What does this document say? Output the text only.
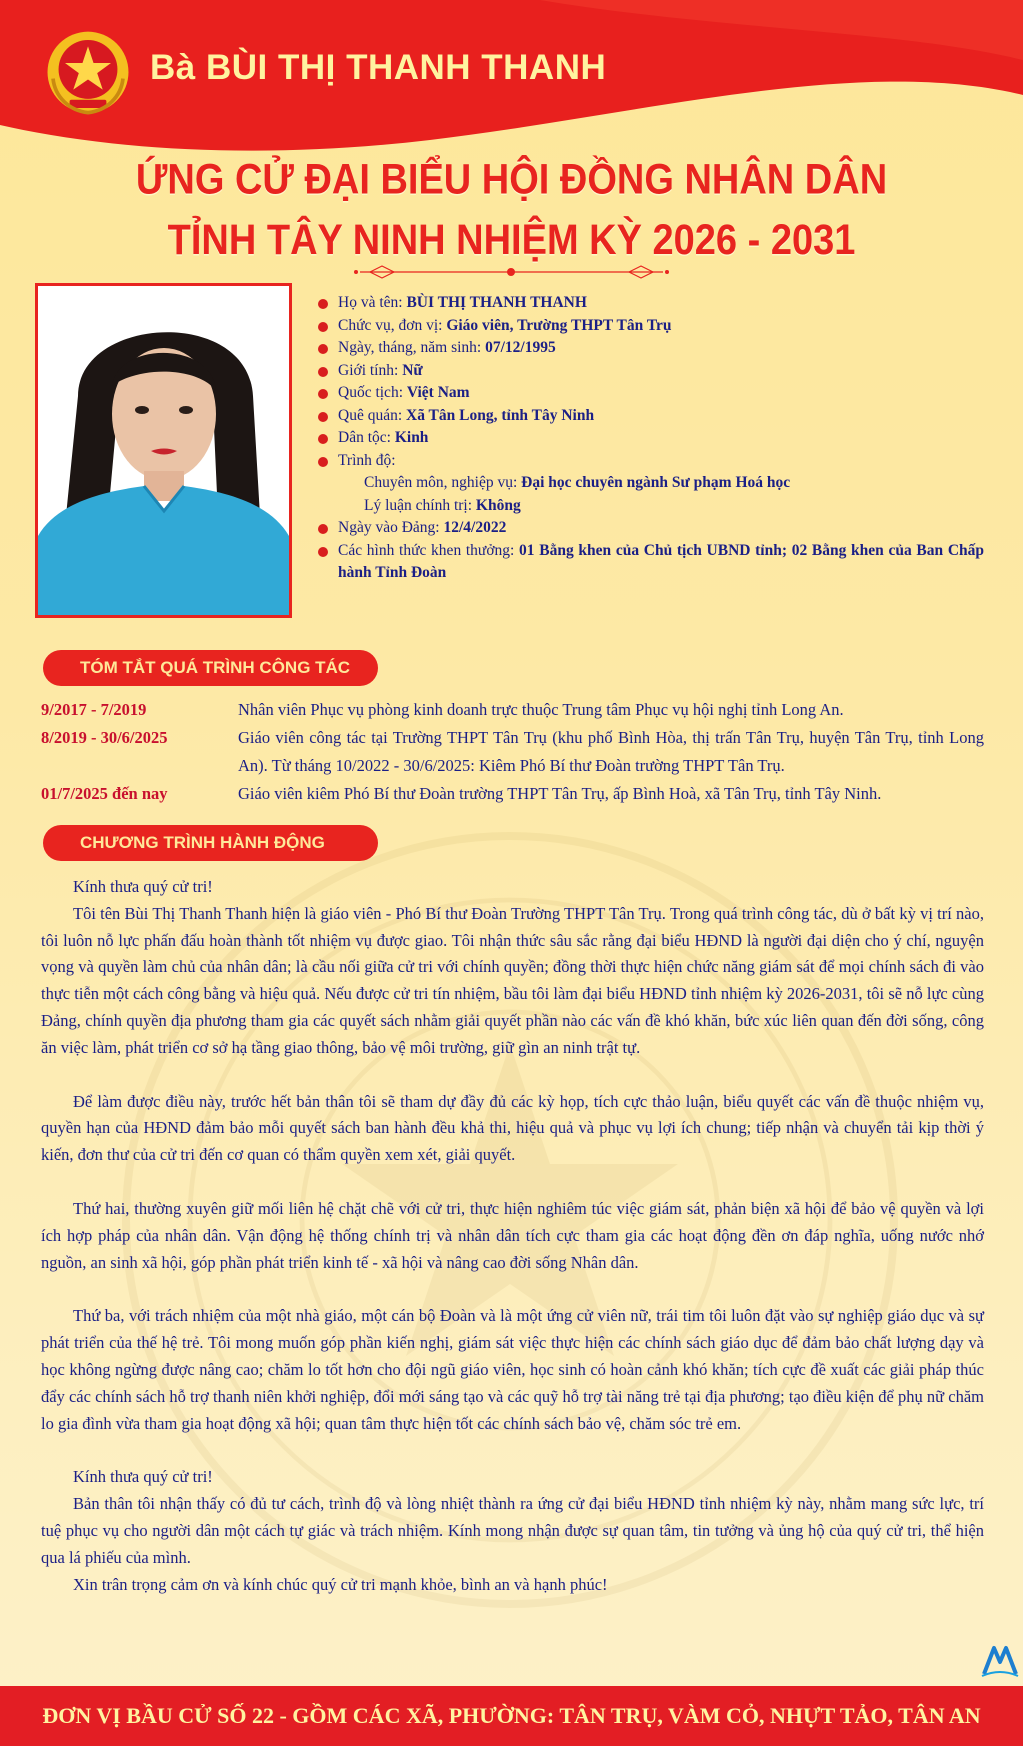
Bà BÙI THỊ THANH THANH
ỨNG CỬ ĐẠI BIỂU HỘI ĐỒNG NHÂN DÂN
TỈNH TÂY NINH NHIỆM KỲ 2026 - 2031
Họ và tên: BÙI THỊ THANH THANH
Chức vụ, đơn vị: Giáo viên, Trường THPT Tân Trụ
Ngày, tháng, năm sinh: 07/12/1995
Giới tính: Nữ
Quốc tịch: Việt Nam
Quê quán: Xã Tân Long, tỉnh Tây Ninh
Dân tộc: Kinh
Trình độ:
Chuyên môn, nghiệp vụ: Đại học chuyên ngành Sư phạm Hoá học
Lý luận chính trị: Không
Ngày vào Đảng: 12/4/2022
Các hình thức khen thưởng: 01 Bằng khen của Chủ tịch UBND tỉnh; 02 Bằng khen của Ban Chấp hành Tỉnh Đoàn
TÓM TẮT QUÁ TRÌNH CÔNG TÁC
9/2017 - 7/2019	Nhân viên Phục vụ phòng kinh doanh trực thuộc Trung tâm Phục vụ hội nghị tỉnh Long An.
8/2019 - 30/6/2025	Giáo viên công tác tại Trường THPT Tân Trụ (khu phố Bình Hòa, thị trấn Tân Trụ, huyện Tân Trụ, tỉnh Long An). Từ tháng 10/2022 - 30/6/2025: Kiêm Phó Bí thư Đoàn trường THPT Tân Trụ.
01/7/2025 đến nay	Giáo viên kiêm Phó Bí thư Đoàn trường THPT Tân Trụ, ấp Bình Hoà, xã Tân Trụ, tỉnh Tây Ninh.
CHƯƠNG TRÌNH HÀNH ĐỘNG

Kính thưa quý cử tri!

Tôi tên Bùi Thị Thanh Thanh hiện là giáo viên - Phó Bí thư Đoàn Trường THPT Tân Trụ. Trong quá trình công tác, dù ở bất kỳ vị trí nào, tôi luôn nỗ lực phấn đấu hoàn thành tốt nhiệm vụ được giao. Tôi nhận thức sâu sắc rằng đại biểu HĐND là người đại diện cho ý chí, nguyện vọng và quyền làm chủ của nhân dân; là cầu nối giữa cử tri với chính quyền; đồng thời thực hiện chức năng giám sát để mọi chính sách đi vào thực tiễn một cách công bằng và hiệu quả. Nếu được cử tri tín nhiệm, bầu tôi làm đại biểu HĐND tỉnh nhiệm kỳ 2026-2031, tôi sẽ nỗ lực cùng Đảng, chính quyền địa phương tham gia các quyết sách nhằm giải quyết phần nào các vấn đề khó khăn, bức xúc liên quan đến đời sống, công ăn việc làm, phát triển cơ sở hạ tầng giao thông, bảo vệ môi trường, giữ gìn an ninh trật tự.

Để làm được điều này, trước hết bản thân tôi sẽ tham dự đầy đủ các kỳ họp, tích cực thảo luận, biểu quyết các vấn đề thuộc nhiệm vụ, quyền hạn của HĐND đảm bảo mỗi quyết sách ban hành đều khả thi, hiệu quả và phục vụ lợi ích chung; tiếp nhận và chuyển tải kịp thời ý kiến, đơn thư của cử tri đến cơ quan có thẩm quyền xem xét, giải quyết.

Thứ hai, thường xuyên giữ mối liên hệ chặt chẽ với cử tri, thực hiện nghiêm túc việc giám sát, phản biện xã hội để bảo vệ quyền và lợi ích hợp pháp của nhân dân. Vận động hệ thống chính trị và nhân dân tích cực tham gia các hoạt động đền ơn đáp nghĩa, uống nước nhớ nguồn, an sinh xã hội, góp phần phát triển kinh tế - xã hội và nâng cao đời sống Nhân dân.

Thứ ba, với trách nhiệm của một nhà giáo, một cán bộ Đoàn và là một ứng cử viên nữ, trái tim tôi luôn đặt vào sự nghiệp giáo dục và sự phát triển của thế hệ trẻ. Tôi mong muốn góp phần kiến nghị, giám sát việc thực hiện các chính sách giáo dục để đảm bảo chất lượng dạy và học không ngừng được nâng cao; chăm lo tốt hơn cho đội ngũ giáo viên, học sinh có hoàn cảnh khó khăn; tích cực đề xuất các giải pháp thúc đẩy các chính sách hỗ trợ thanh niên khởi nghiệp, đổi mới sáng tạo và các quỹ hỗ trợ tài năng trẻ tại địa phương; tạo điều kiện để phụ nữ chăm lo gia đình vừa tham gia hoạt động xã hội; quan tâm thực hiện tốt các chính sách bảo vệ, chăm sóc trẻ em.

Kính thưa quý cử tri!

Bản thân tôi nhận thấy có đủ tư cách, trình độ và lòng nhiệt thành ra ứng cử đại biểu HĐND tỉnh nhiệm kỳ này, nhằm mang sức lực, trí tuệ phục vụ cho người dân một cách tự giác và trách nhiệm. Kính mong nhận được sự quan tâm, tin tưởng và ủng hộ của quý cử tri, thể hiện qua lá phiếu của mình.

Xin trân trọng cảm ơn và kính chúc quý cử tri mạnh khỏe, bình an và hạnh phúc!

ĐƠN VỊ BẦU CỬ SỐ 22 - GỒM CÁC XÃ, PHƯỜNG: TÂN TRỤ, VÀM CỎ, NHỰT TẢO, TÂN AN
